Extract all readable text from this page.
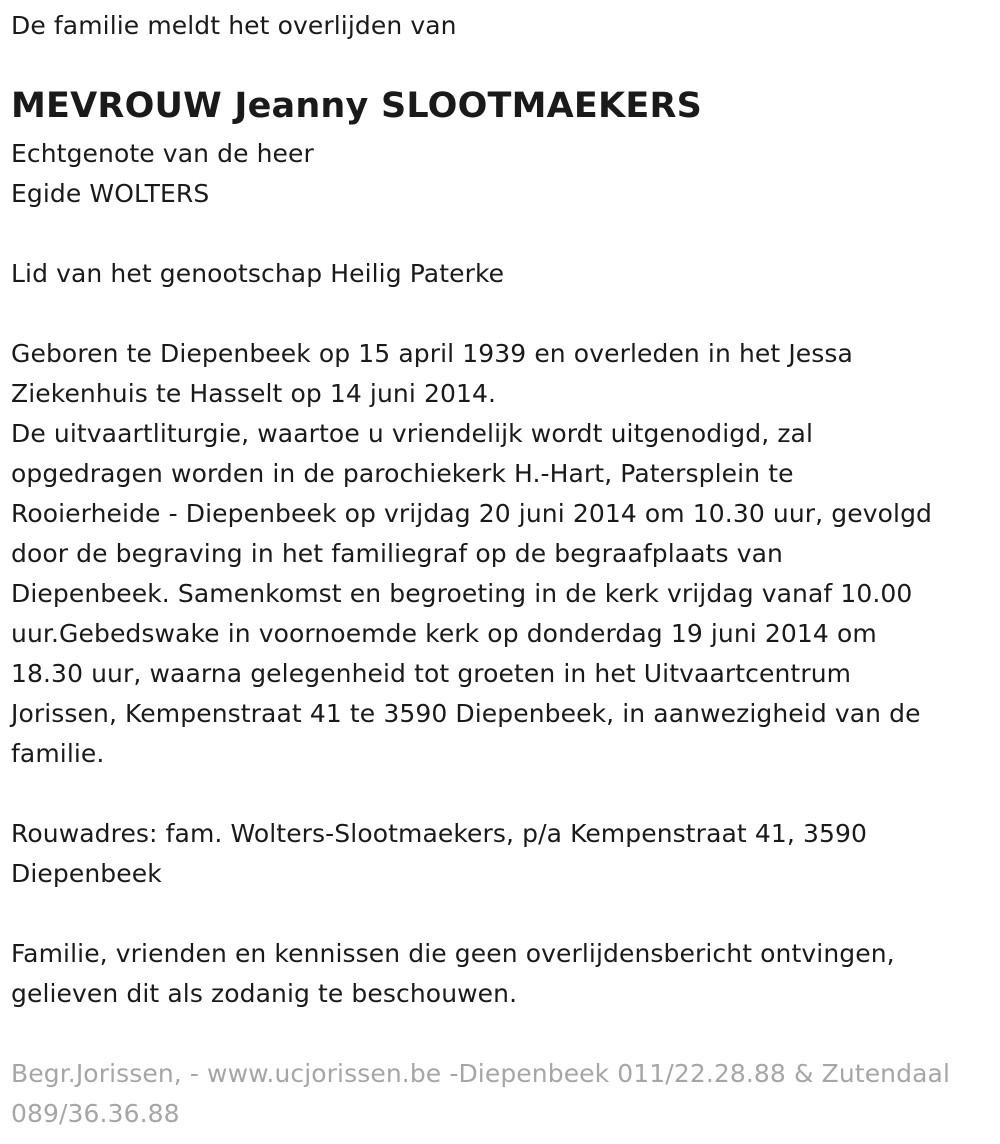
De familie meldt het overlijden van

MEVROUW Jeanny SLOOTMAEKERS

Echtgenote van de heer

Egide WOLTERS

Lid van het genootschap Heilig Paterke

Geboren te Diepenbeek op 15 april 1939 en overleden in het Jessa

Ziekenhuis te Hasselt op 14 juni 2014.

De uitvaartliturgie, waartoe u vriendelijk wordt uitgenodigd, zal

opgedragen worden in de parochiekerk H.-Hart, Patersplein te

Rooierheide - Diepenbeek op vrijdag 20 juni 2014 om 10.30 uur, gevolgd

door de begraving in het familiegraf op de begraafplaats van

Diepenbeek. Samenkomst en begroeting in de kerk vrijdag vanaf 10.00

uur.Gebedswake in voornoemde kerk op donderdag 19 juni 2014 om

18.30 uur, waarna gelegenheid tot groeten in het Uitvaartcentrum

Jorissen, Kempenstraat 41 te 3590 Diepenbeek, in aanwezigheid van de

familie.

Rouwadres: fam. Wolters-Slootmaekers, p/a Kempenstraat 41, 3590

Diepenbeek

Familie, vrienden en kennissen die geen overlijdensbericht ontvingen,

gelieven dit als zodanig te beschouwen.

Begr.Jorissen, - www.ucjorissen.be -Diepenbeek 011/22.28.88 & Zutendaal

089/36.36.88
